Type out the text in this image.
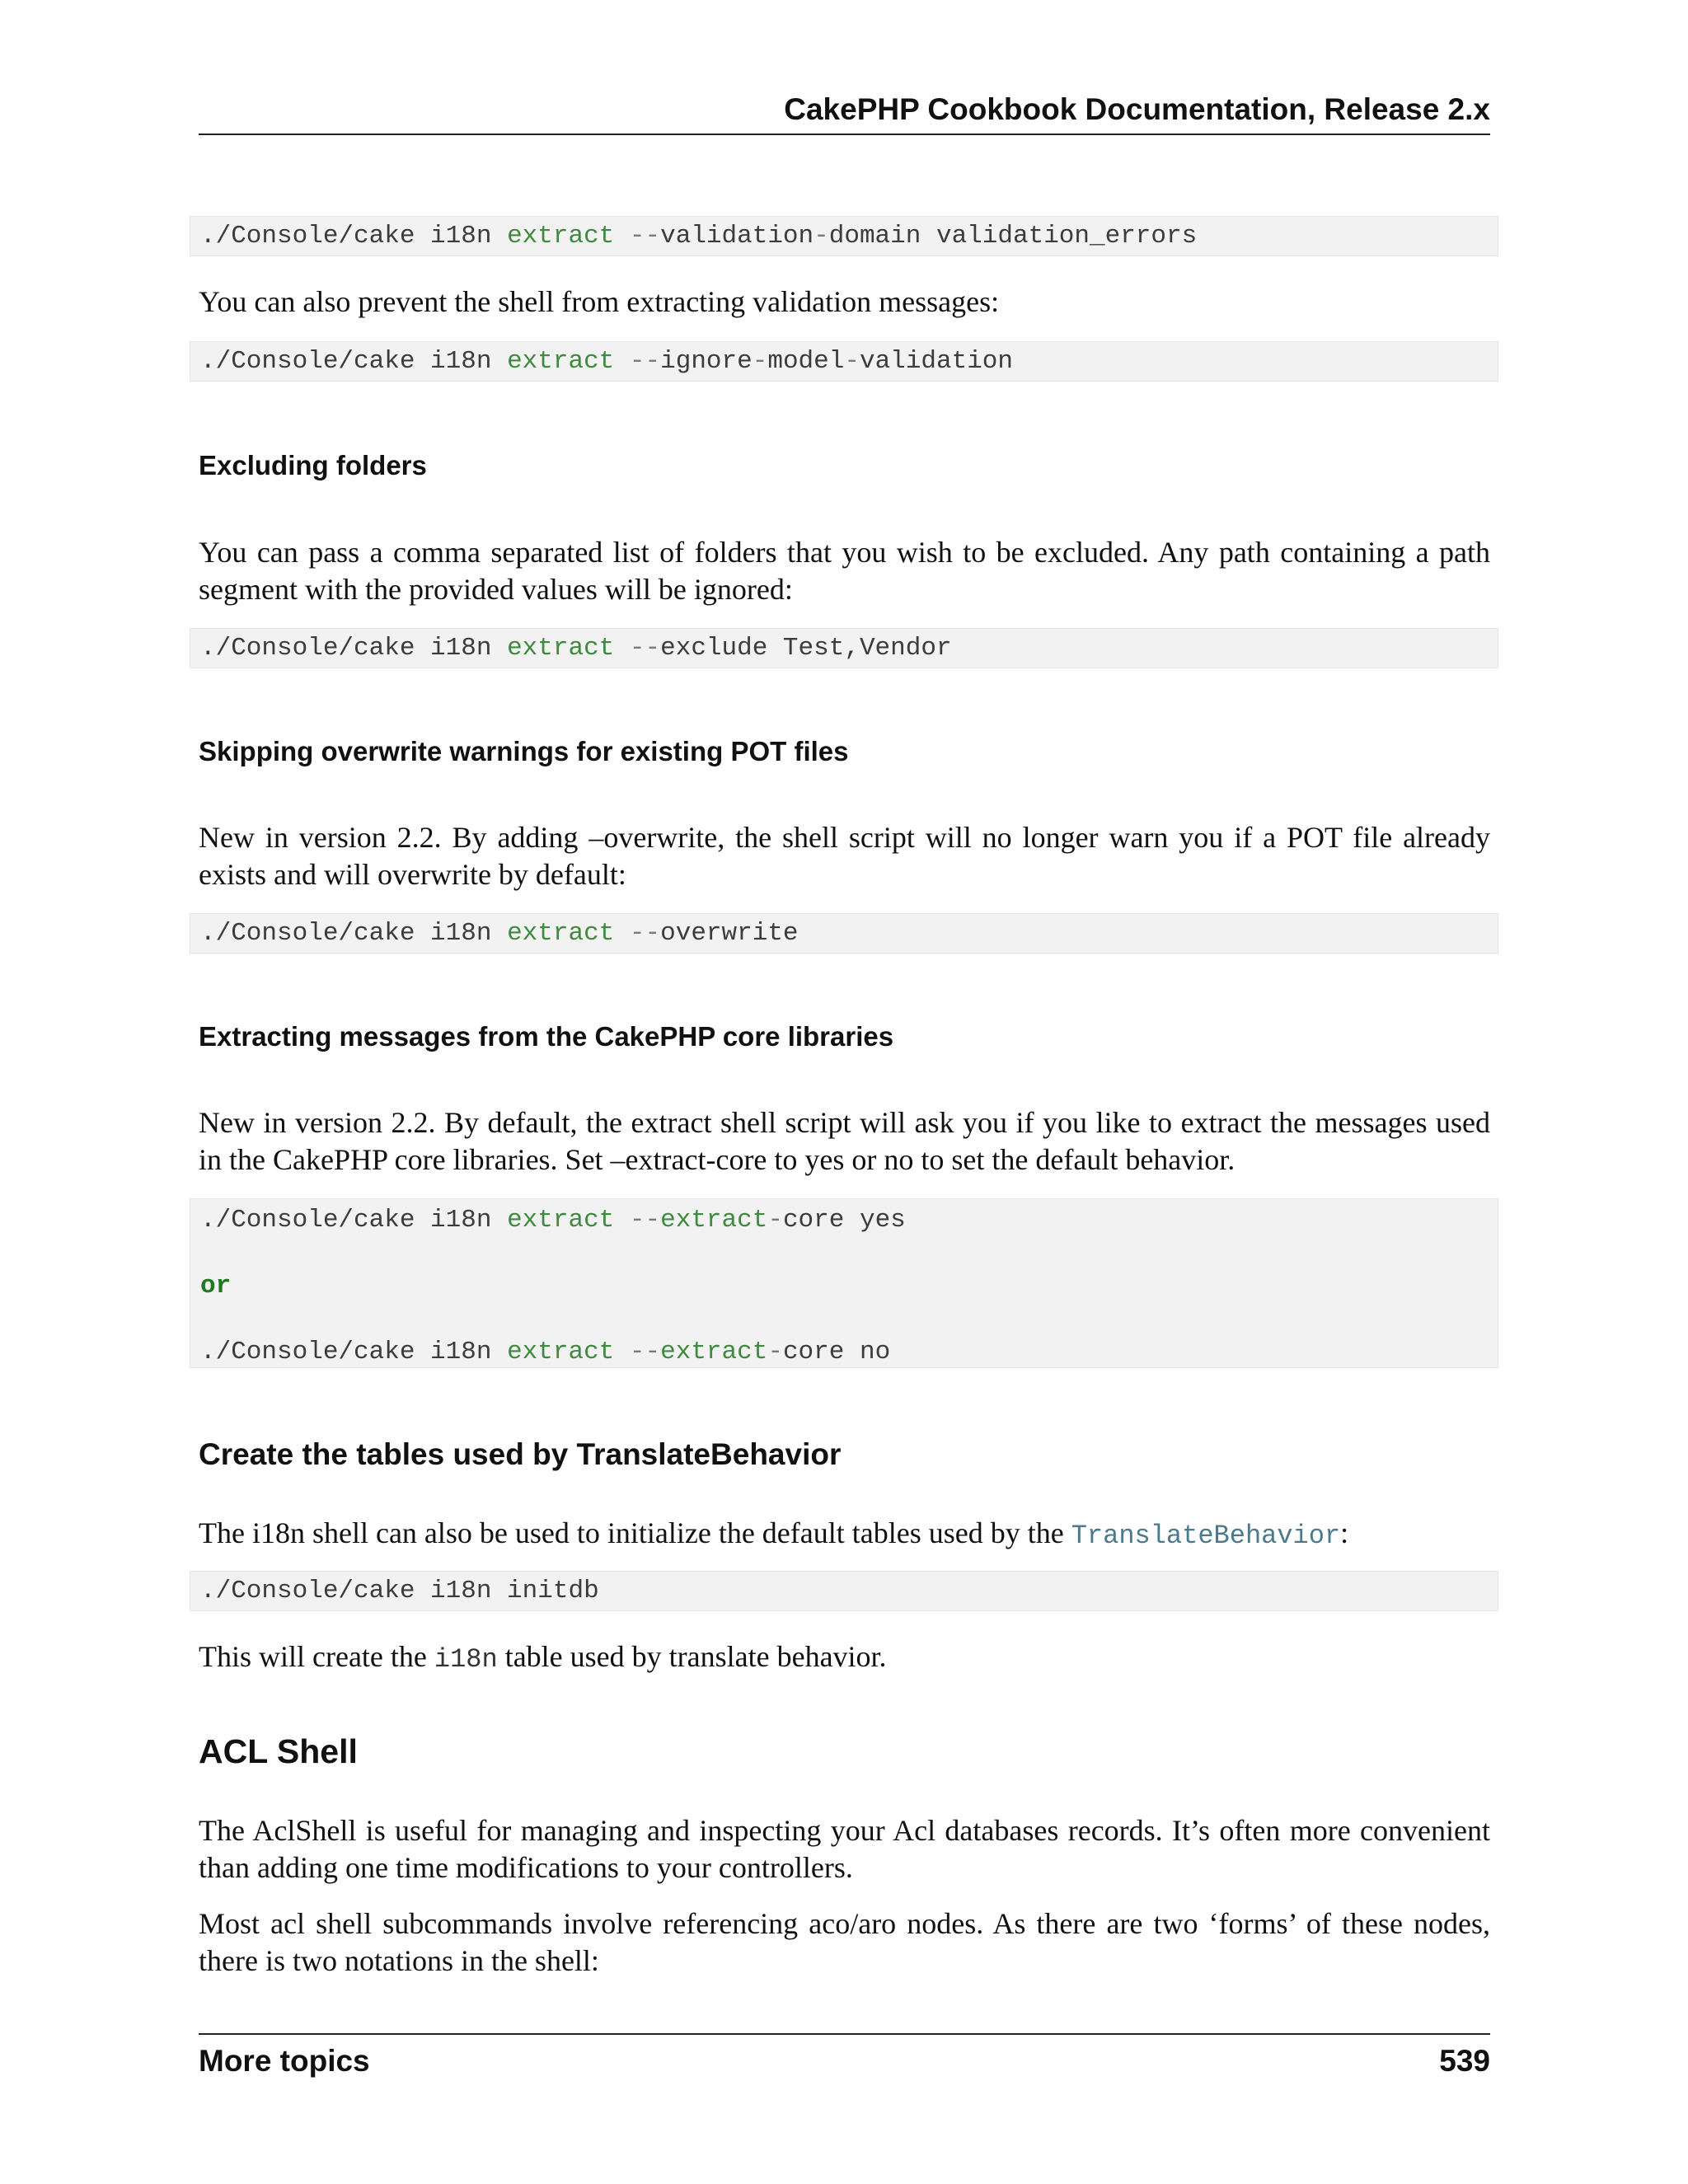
CakePHP Cookbook Documentation, Release 2.x
./Console/cake i18n extract --validation-domain validation_errors
You can also prevent the shell from extracting validation messages:
./Console/cake i18n extract --ignore-model-validation
Excluding folders
You can pass a comma separated list of folders that you wish to be excluded. Any path containing a path segment with the provided values will be ignored:
./Console/cake i18n extract --exclude Test,Vendor
Skipping overwrite warnings for existing POT files
New in version 2.2. By adding –overwrite, the shell script will no longer warn you if a POT file already exists and will overwrite by default:
./Console/cake i18n extract --overwrite
Extracting messages from the CakePHP core libraries
New in version 2.2. By default, the extract shell script will ask you if you like to extract the messages used in the CakePHP core libraries. Set –extract-core to yes or no to set the default behavior.
./Console/cake i18n extract --extract-core yes
or
./Console/cake i18n extract --extract-core no
Create the tables used by TranslateBehavior
The i18n shell can also be used to initialize the default tables used by the TranslateBehavior:
./Console/cake i18n initdb
This will create the i18n table used by translate behavior.
ACL Shell
The AclShell is useful for managing and inspecting your Acl databases records. It’s often more convenient than adding one time modifications to your controllers.
Most acl shell subcommands involve referencing aco/aro nodes. As there are two ‘forms’ of these nodes, there is two notations in the shell:
More topics	539
